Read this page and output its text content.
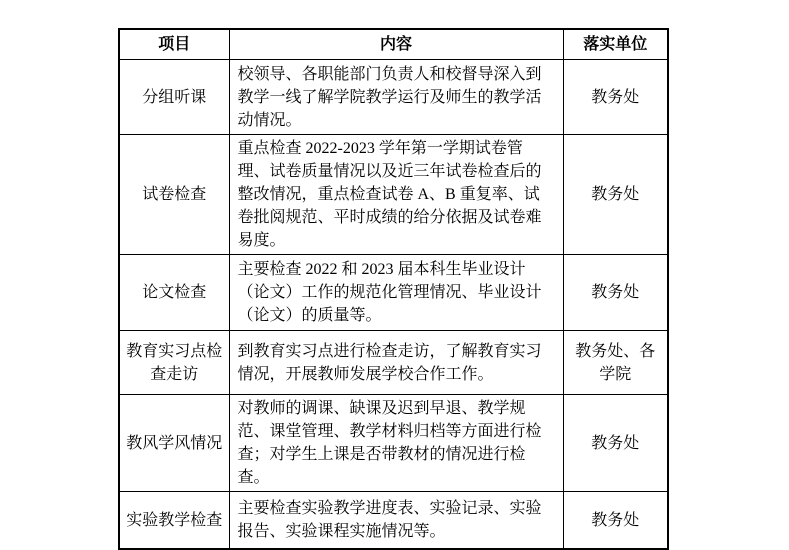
项目	内容	落实单位
分组听课	校领导、各职能部门负责人和校督导深入到教学一线了解学院教学运行及师生的教学活动情况。	教务处
试卷检查	重点检查 2022-2023 学年第一学期试卷管理、试卷质量情况以及近三年试卷检查后的整改情况，重点检查试卷 A、B 重复率、试卷批阅规范、平时成绩的给分依据及试卷难易度。	教务处
论文检查	主要检查 2022 和 2023 届本科生毕业设计（论文）工作的规范化管理情况、毕业设计（论文）的质量等。	教务处
教育实习点检查走访	到教育实习点进行检查走访，了解教育实习情况，开展教师发展学校合作工作。	教务处、各学院
教风学风情况	对教师的调课、缺课及迟到早退、教学规范、课堂管理、教学材料归档等方面进行检查；对学生上课是否带教材的情况进行检查。	教务处
实验教学检查	主要检查实验教学进度表、实验记录、实验报告、实验课程实施情况等。	教务处
